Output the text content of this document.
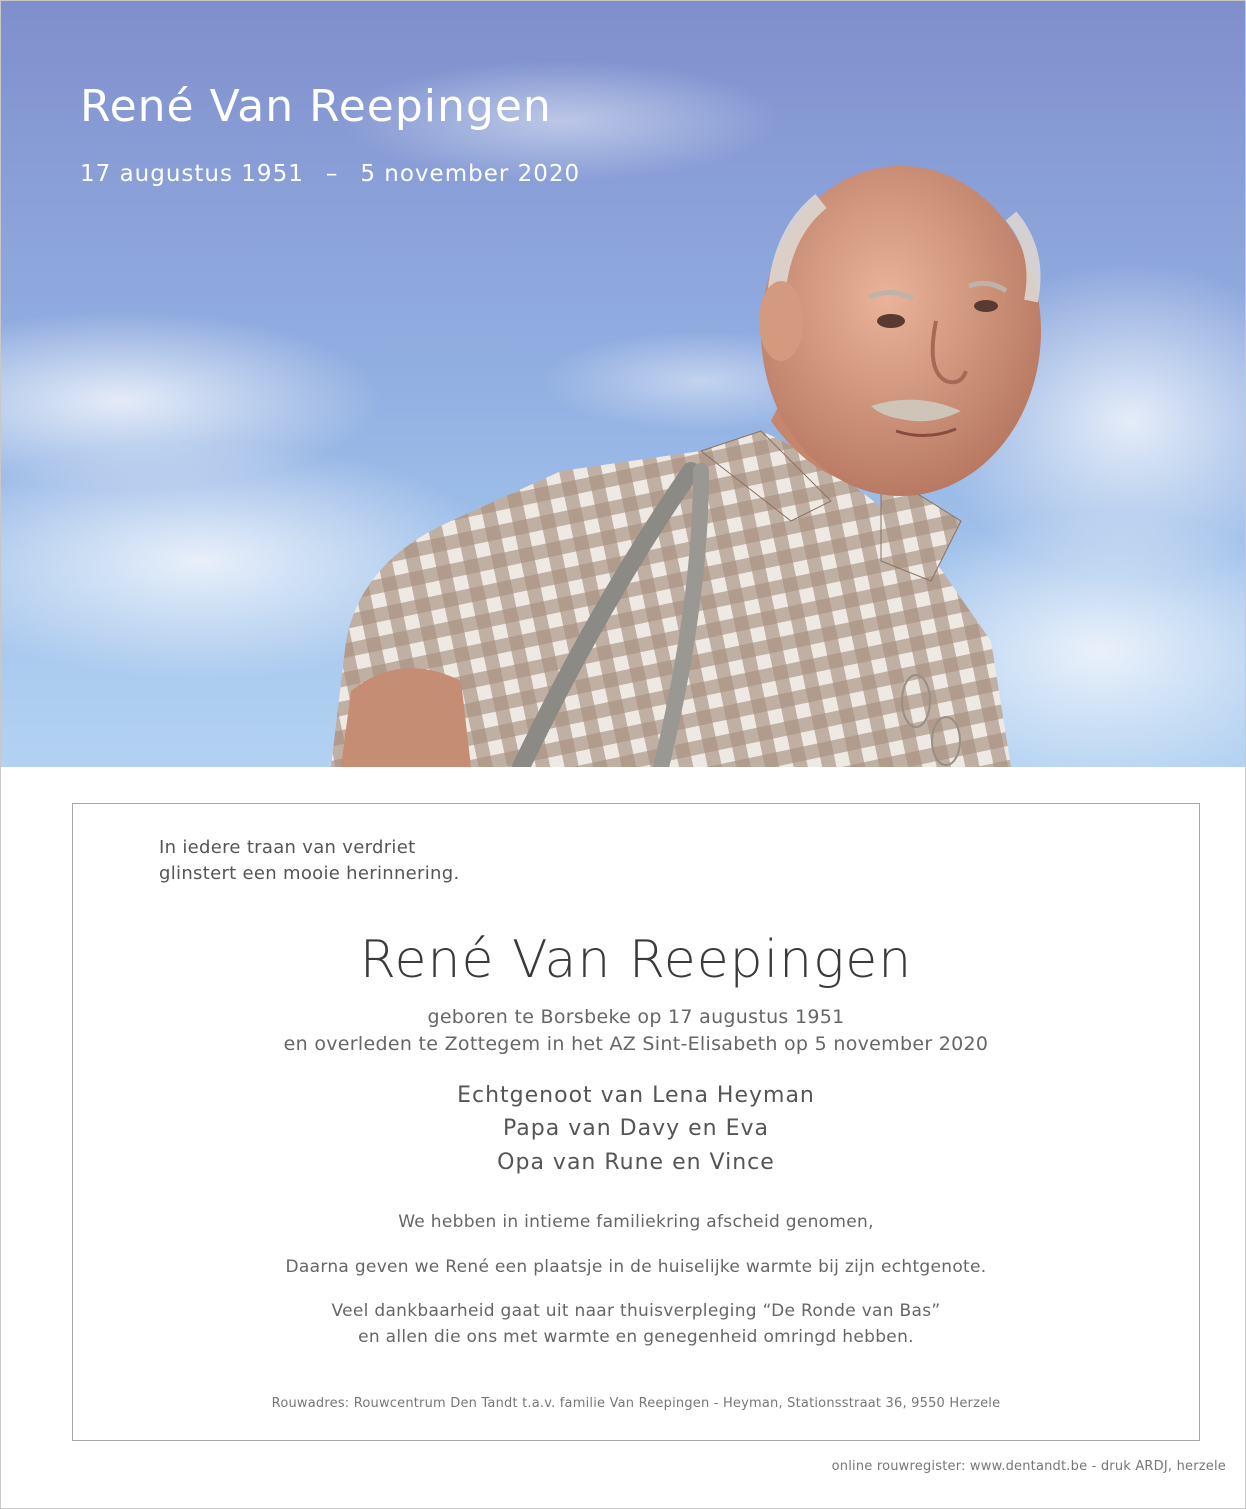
René Van Reepingen
17 augustus 1951 – 5 november 2020
In iedere traan van verdriet
glinstert een mooie herinnering.
René Van Reepingen
geboren te Borsbeke op 17 augustus 1951
en overleden te Zottegem in het AZ Sint-Elisabeth op 5 november 2020
Echtgenoot van Lena Heyman
Papa van Davy en Eva
Opa van Rune en Vince
We hebben in intieme familiekring afscheid genomen,
Daarna geven we René een plaatsje in de huiselijke warmte bij zijn echtgenote.
Veel dankbaarheid gaat uit naar thuisverpleging “De Ronde van Bas”
en allen die ons met warmte en genegenheid omringd hebben.
Rouwadres: Rouwcentrum Den Tandt t.a.v. familie Van Reepingen - Heyman, Stationsstraat 36, 9550 Herzele
online rouwregister: www.dentandt.be - druk ARDJ, herzele
